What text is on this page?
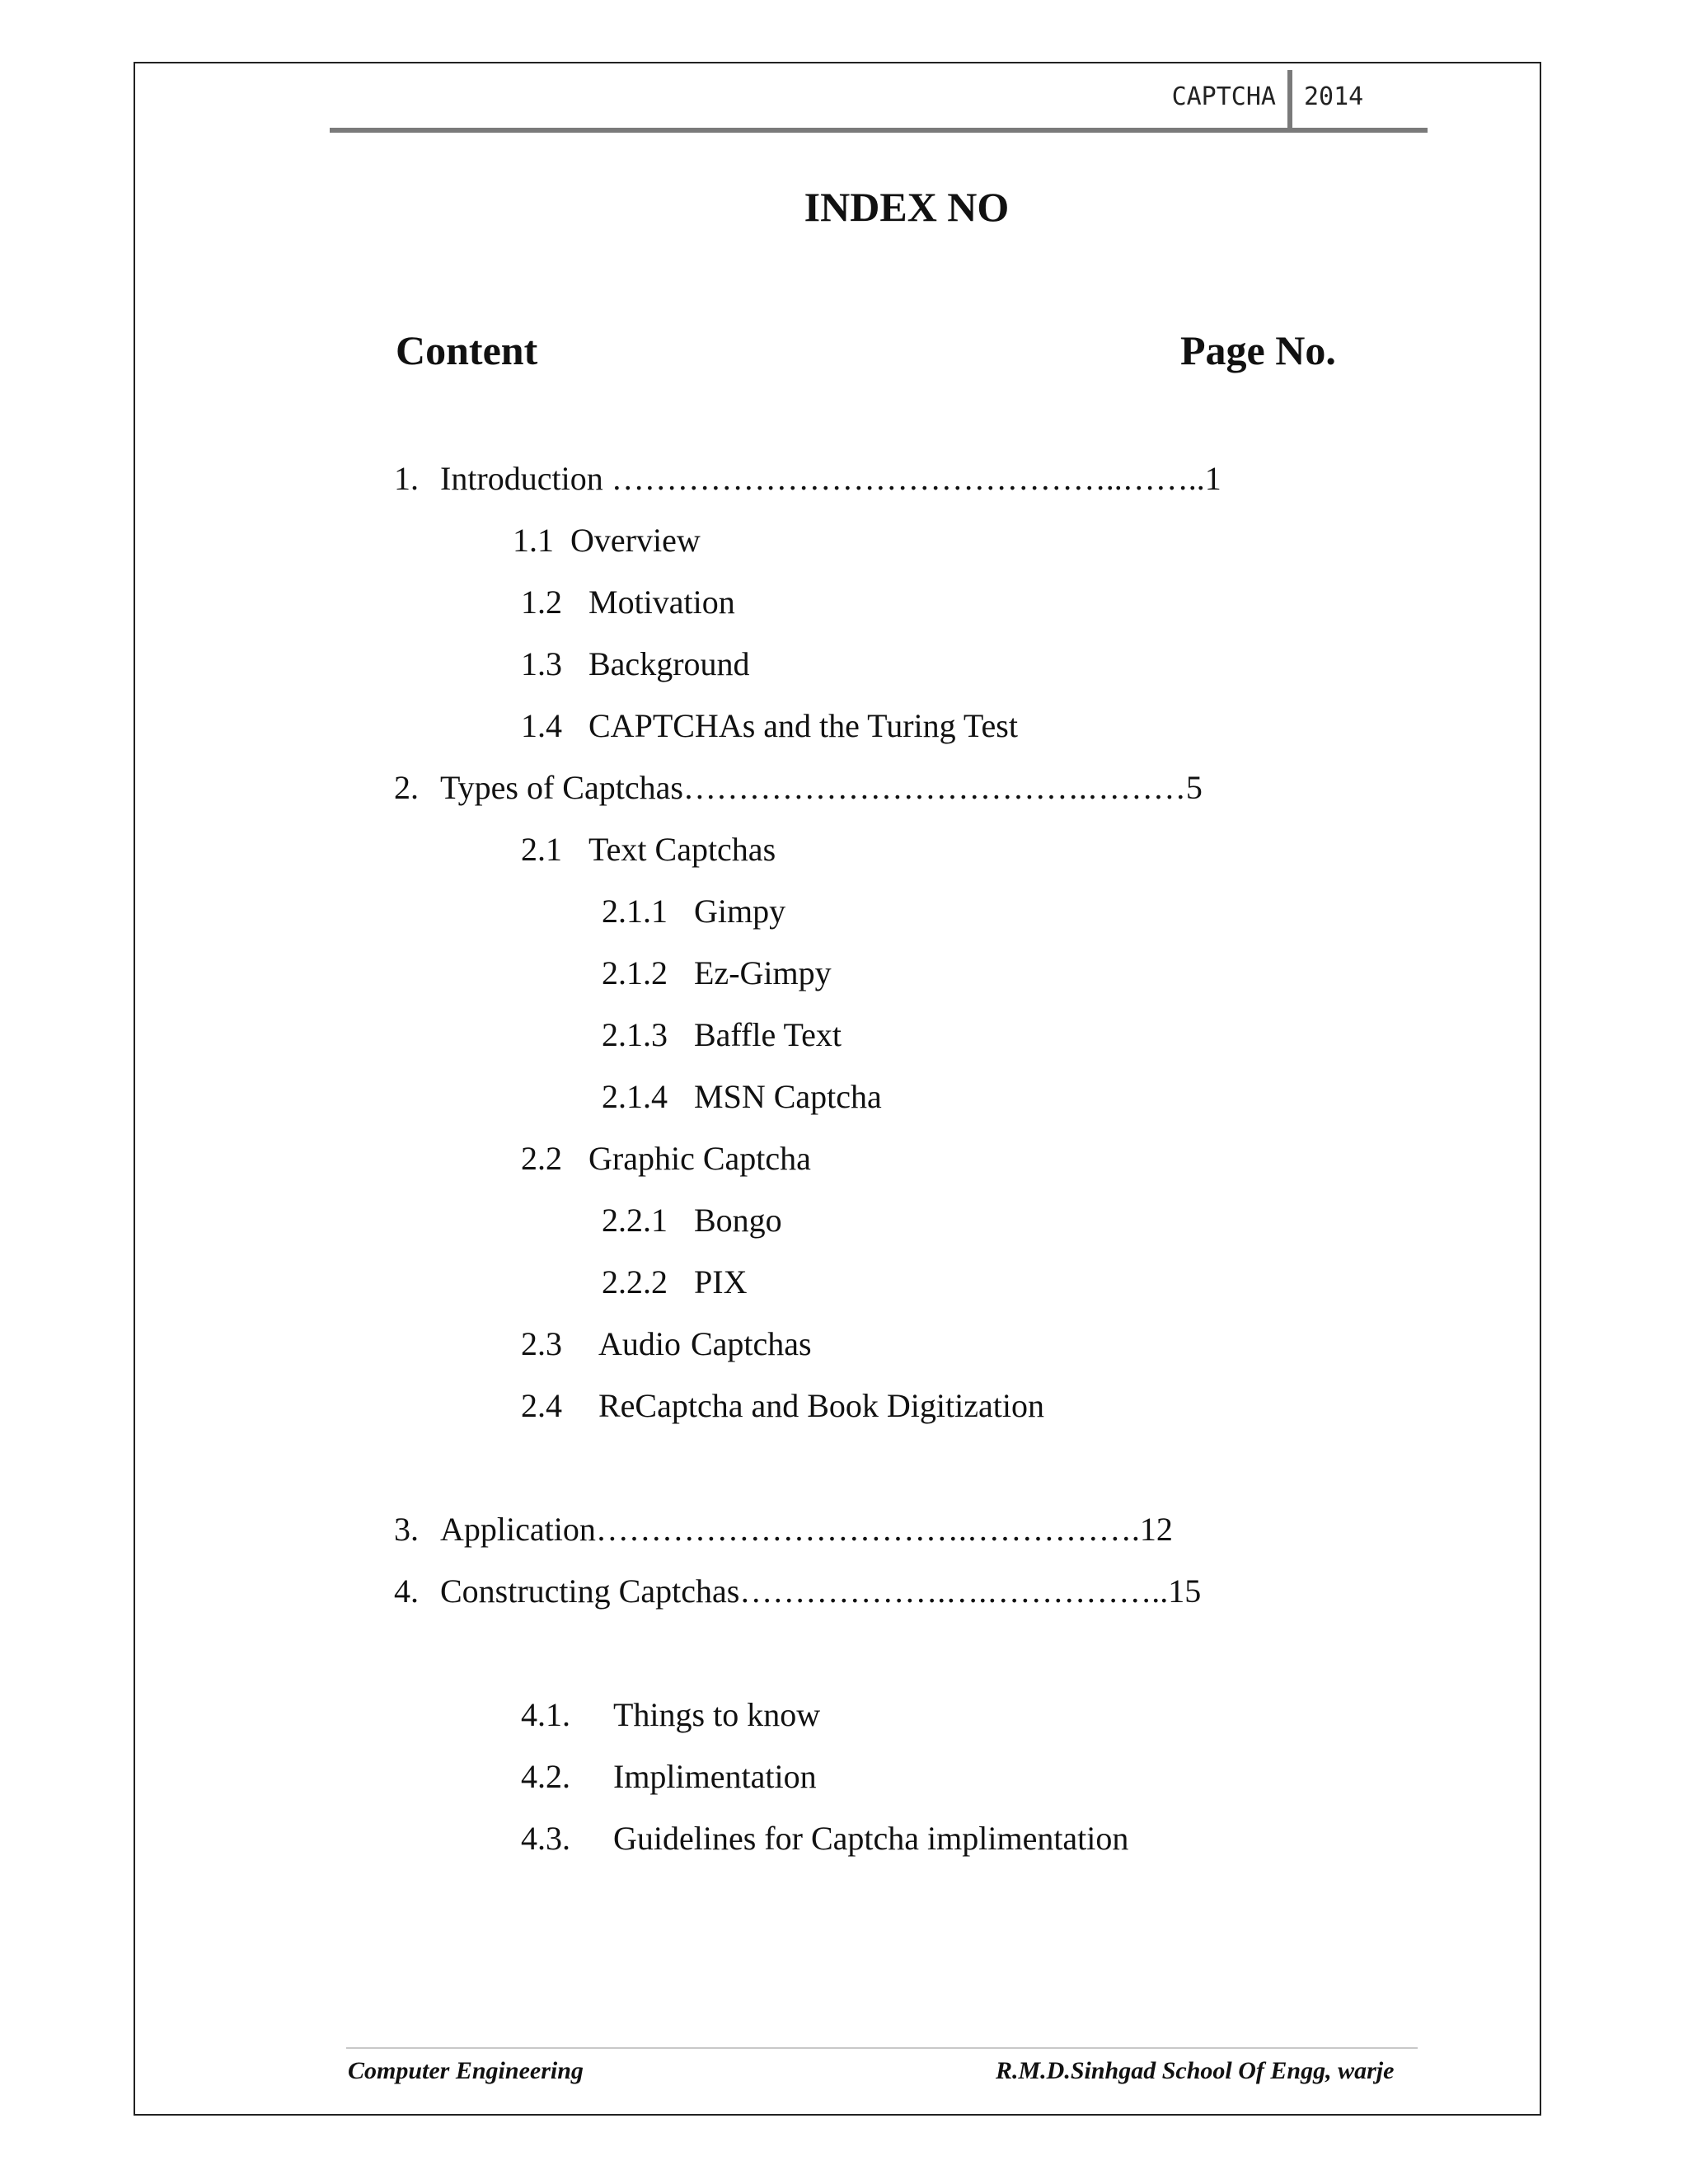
CAPTCHA 2014
INDEX NO
Content	Page No.
1. Introduction ………………………………………..……..1
1.1 Overview
1.2 Motivation
1.3 Background
1.4 CAPTCHAs and the Turing Test
2. Types of Captchas……………………………….………5
2.1 Text Captchas
2.1.1 Gimpy
2.1.2 Ez-Gimpy
2.1.3 Baffle Text
2.1.4 MSN Captcha
2.2 Graphic Captcha
2.2.1 Bongo
2.2.2 PIX
2.3 Audio Captchas
2.4 ReCaptcha and Book Digitization
3. Application…………………………….…………….12
4. Constructing Captchas……………….….……………..15
4.1. Things to know
4.2. Implimentation
4.3. Guidelines for Captcha implimentation
Computer Engineering	R.M.D.Sinhgad School Of Engg, warje
